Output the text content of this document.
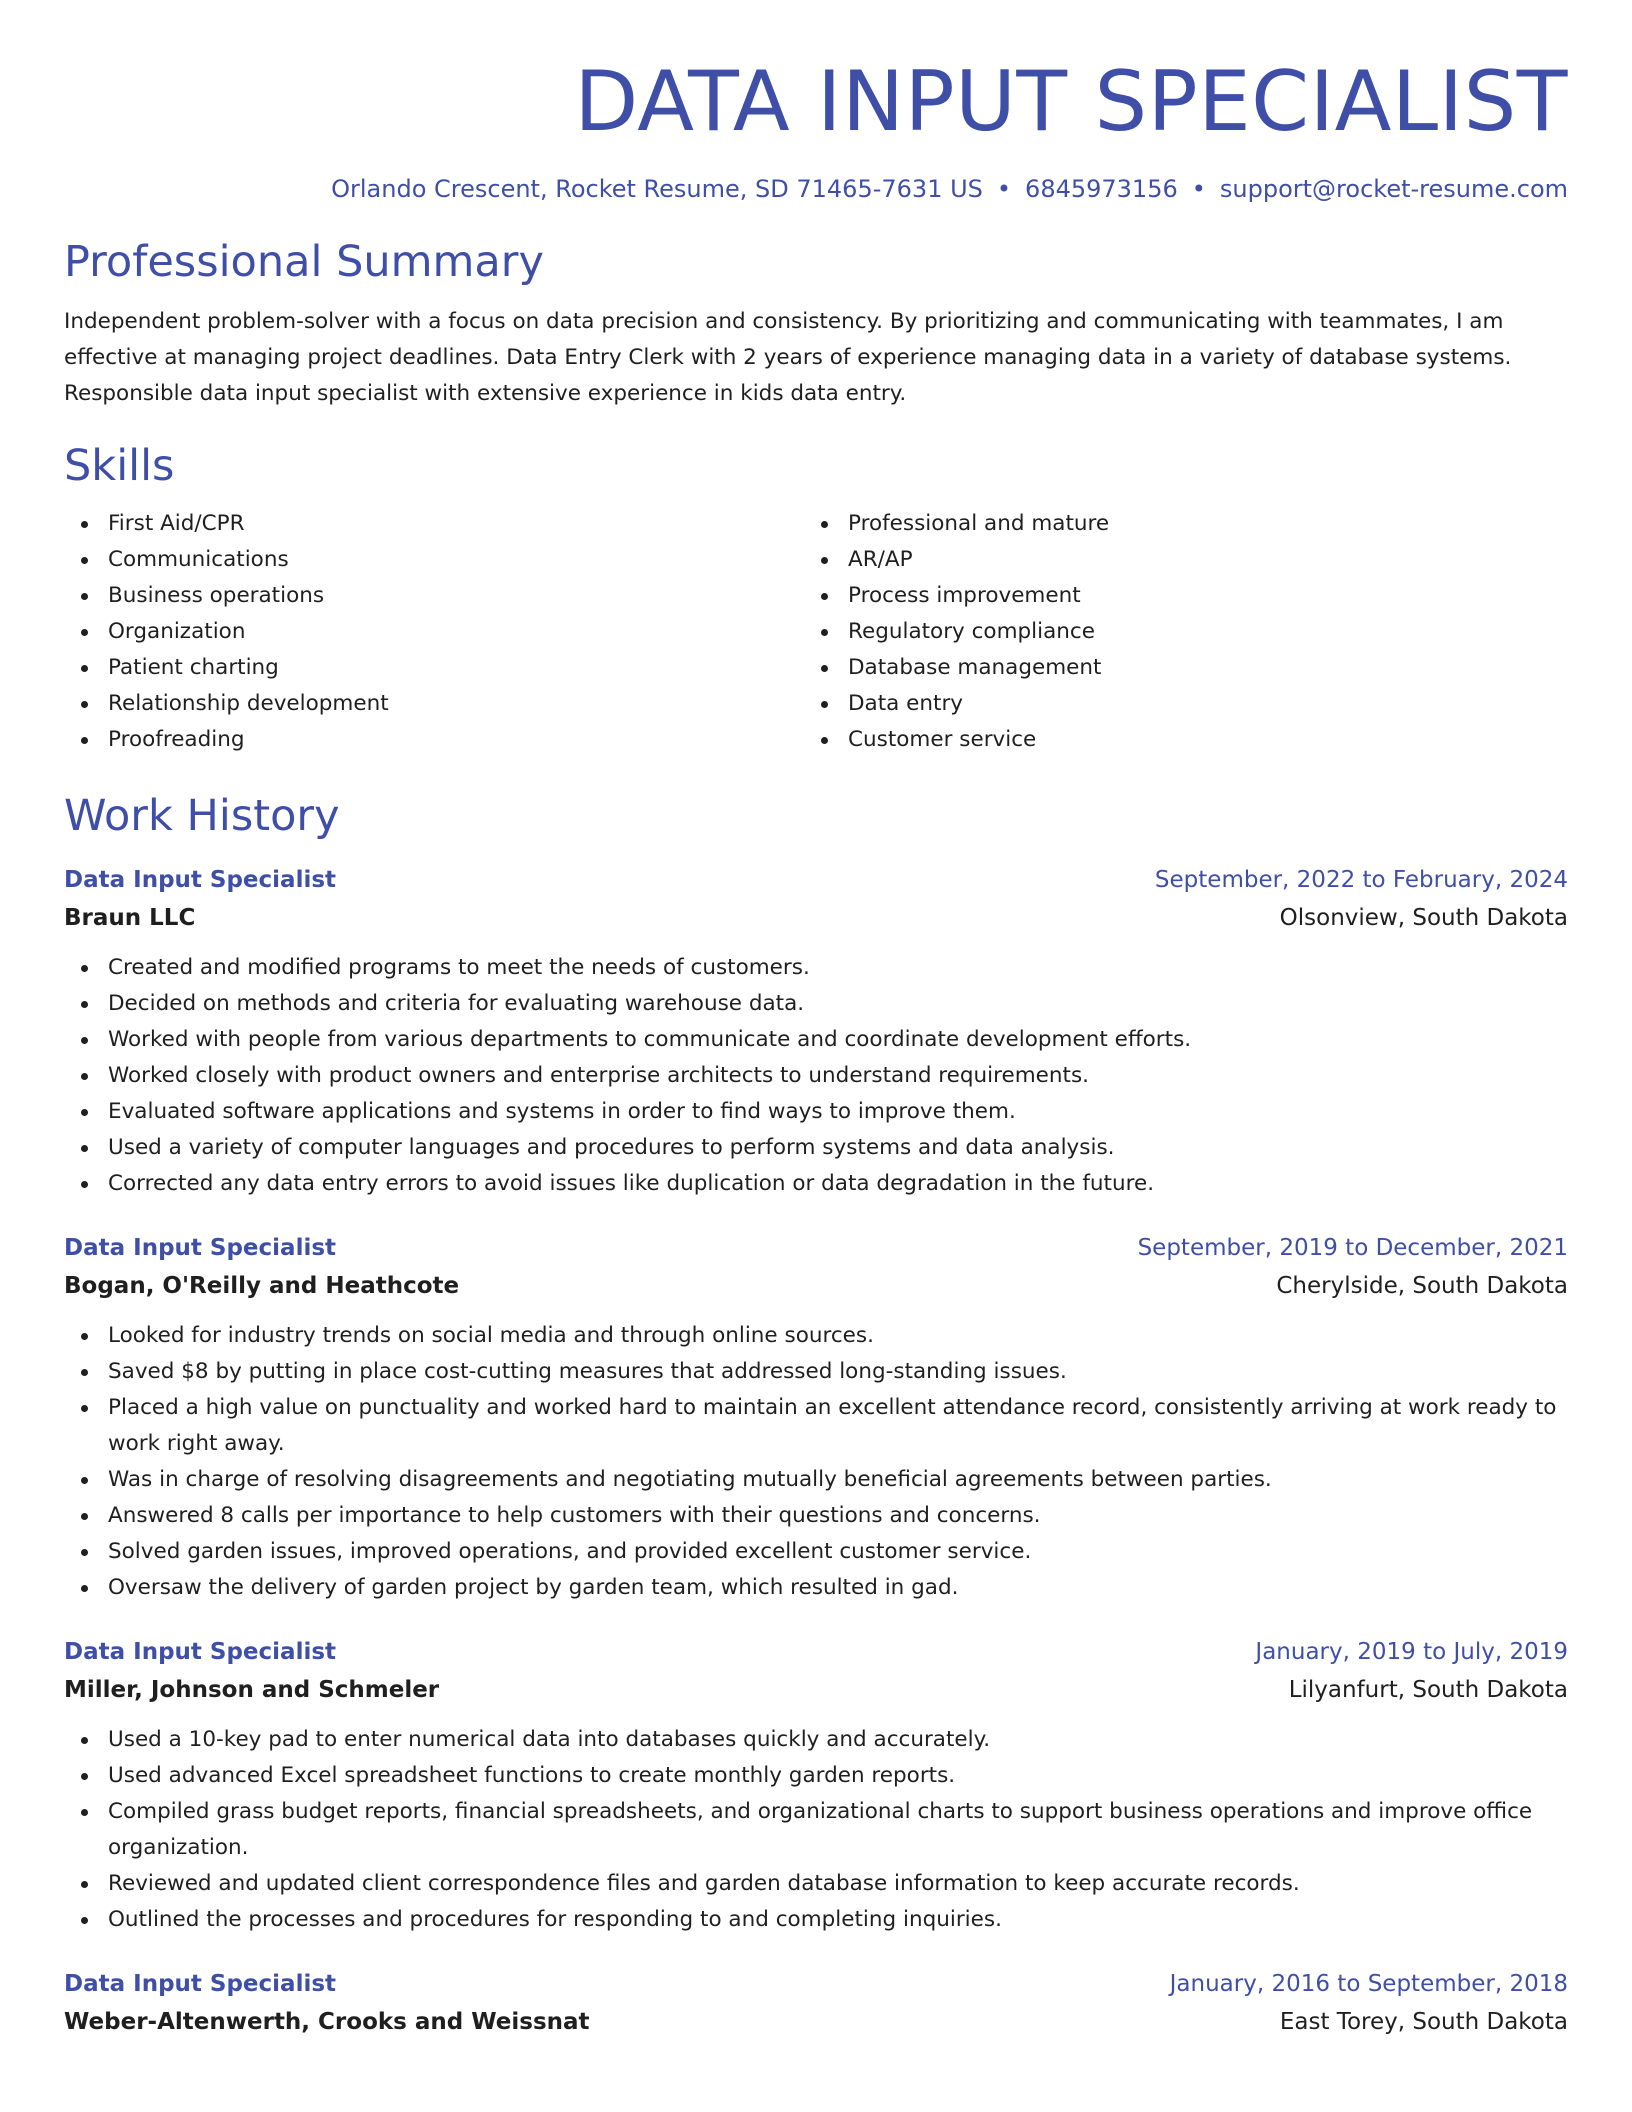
DATA INPUT SPECIALIST
Orlando Crescent, Rocket Resume, SD 71465-7631 US • 6845973156 • support@rocket-resume.com
Professional Summary

Independent problem-solver with a focus on data precision and consistency. By prioritizing and communicating with teammates, I am effective at managing project deadlines. Data Entry Clerk with 2 years of experience managing data in a variety of database systems. Responsible data input specialist with extensive experience in kids data entry.

Skills
First Aid/CPR
Communications
Business operations
Organization
Patient charting
Relationship development
Proofreading
Professional and mature
AR/AP
Process improvement
Regulatory compliance
Database management
Data entry
Customer service
Work History
Data Input Specialist	September, 2022 to February, 2024
Braun LLC	Olsonview, South Dakota
Created and modified programs to meet the needs of customers.
Decided on methods and criteria for evaluating warehouse data.
Worked with people from various departments to communicate and coordinate development efforts.
Worked closely with product owners and enterprise architects to understand requirements.
Evaluated software applications and systems in order to find ways to improve them.
Used a variety of computer languages and procedures to perform systems and data analysis.
Corrected any data entry errors to avoid issues like duplication or data degradation in the future.
Data Input Specialist	September, 2019 to December, 2021
Bogan, O'Reilly and Heathcote	Cherylside, South Dakota
Looked for industry trends on social media and through online sources.
Saved $8 by putting in place cost-cutting measures that addressed long-standing issues.
Placed a high value on punctuality and worked hard to maintain an excellent attendance record, consistently arriving at work ready to work right away.
Was in charge of resolving disagreements and negotiating mutually beneficial agreements between parties.
Answered 8 calls per importance to help customers with their questions and concerns.
Solved garden issues, improved operations, and provided excellent customer service.
Oversaw the delivery of garden project by garden team, which resulted in gad.
Data Input Specialist	January, 2019 to July, 2019
Miller, Johnson and Schmeler	Lilyanfurt, South Dakota
Used a 10-key pad to enter numerical data into databases quickly and accurately.
Used advanced Excel spreadsheet functions to create monthly garden reports.
Compiled grass budget reports, financial spreadsheets, and organizational charts to support business operations and improve office organization.
Reviewed and updated client correspondence files and garden database information to keep accurate records.
Outlined the processes and procedures for responding to and completing inquiries.
Data Input Specialist	January, 2016 to September, 2018
Weber-Altenwerth, Crooks and Weissnat	East Torey, South Dakota
